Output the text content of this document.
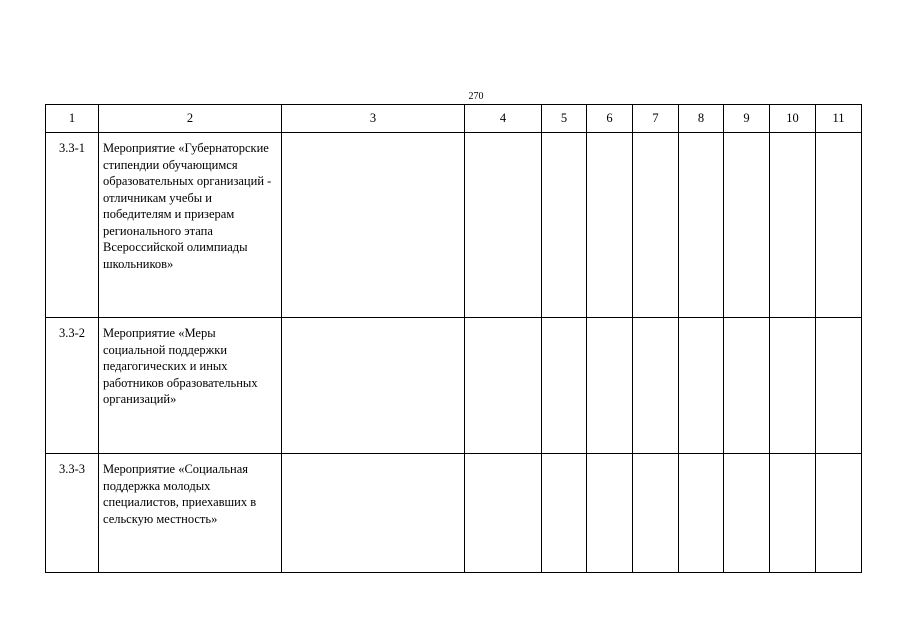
270
1	2	3	4	5	6	7	8	9	10	11
3.3-1	Мероприятие «Губернаторские стипендии обучающимся образовательных организаций - отличникам учебы и победителям и призерам регионального этапа Всероссийской олимпиады школьников»									
3.3-2	Мероприятие «Меры социальной поддержки педагогических и иных работников образовательных организаций»									
3.3-3	Мероприятие «Социальная поддержка молодых специалистов, приехавших в сельскую местность»									
